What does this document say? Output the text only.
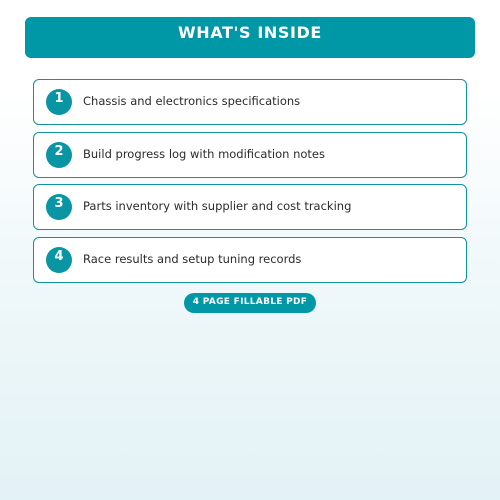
WHAT'S INSIDE
1	Chassis and electronics specifications
2	Build progress log with modification notes
3	Parts inventory with supplier and cost tracking
4	Race results and setup tuning records
4 PAGE FILLABLE PDF
